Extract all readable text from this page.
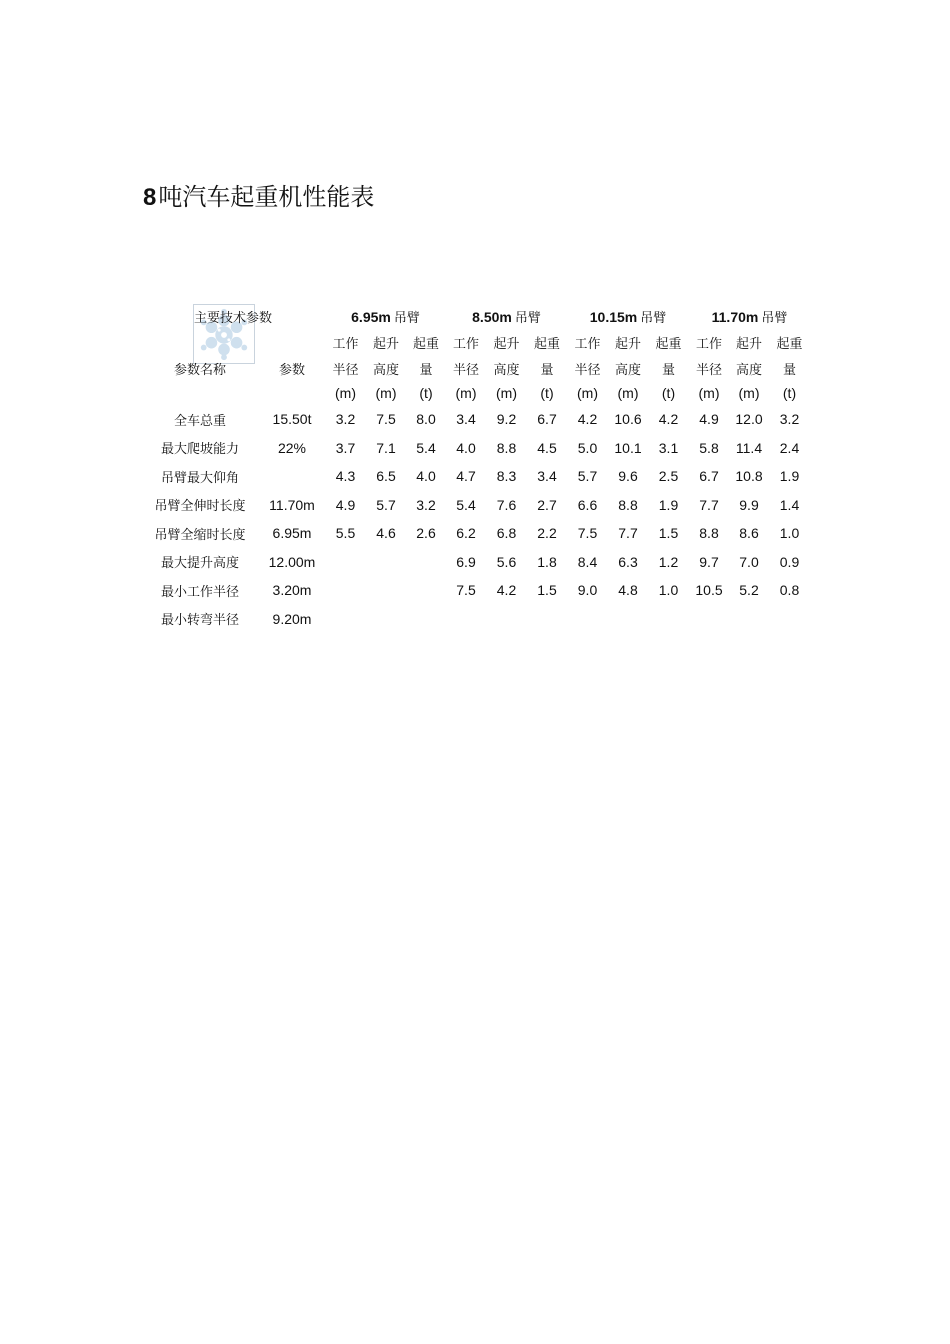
8吨汽车起重机性能表
主要技术参数		6.95m 吊臂			8.50m 吊臂			10.15m 吊臂			11.70m 吊臂		
		工作	起升	起重	工作	起升	起重	工作	起升	起重	工作	起升	起重
参数名称	参数	半径	高度	量	半径	高度	量	半径	高度	量	半径	高度	量
		(m)	(m)	(t)	(m)	(m)	(t)	(m)	(m)	(t)	(m)	(m)	(t)
全车总重	15.50t	3.2	7.5	8.0	3.4	9.2	6.7	4.2	10.6	4.2	4.9	12.0	3.2
最大爬坡能力	22%	3.7	7.1	5.4	4.0	8.8	4.5	5.0	10.1	3.1	5.8	11.4	2.4
吊臂最大仰角		4.3	6.5	4.0	4.7	8.3	3.4	5.7	9.6	2.5	6.7	10.8	1.9
吊臂全伸时长度	11.70m	4.9	5.7	3.2	5.4	7.6	2.7	6.6	8.8	1.9	7.7	9.9	1.4
吊臂全缩时长度	6.95m	5.5	4.6	2.6	6.2	6.8	2.2	7.5	7.7	1.5	8.8	8.6	1.0
最大提升高度	12.00m				6.9	5.6	1.8	8.4	6.3	1.2	9.7	7.0	0.9
最小工作半径	3.20m				7.5	4.2	1.5	9.0	4.8	1.0	10.5	5.2	0.8
最小转弯半径	9.20m												
